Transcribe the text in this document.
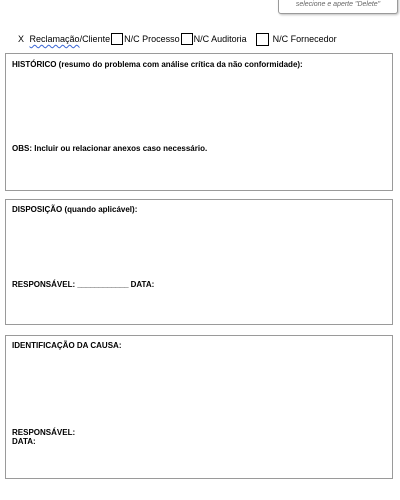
selecione e aperte "Delete"
X Reclamação/Cliente N/C Processo N/C Auditoria	N/C Fornecedor
HISTÓRICO (resumo do problema com análise crítica da não conformidade):
OBS: Incluir ou relacionar anexos caso necessário.
DISPOSIÇÃO (quando aplicável):
RESPONSÁVEL: ____________ DATA:
IDENTIFICAÇÃO DA CAUSA:
RESPONSÁVEL:
DATA:
